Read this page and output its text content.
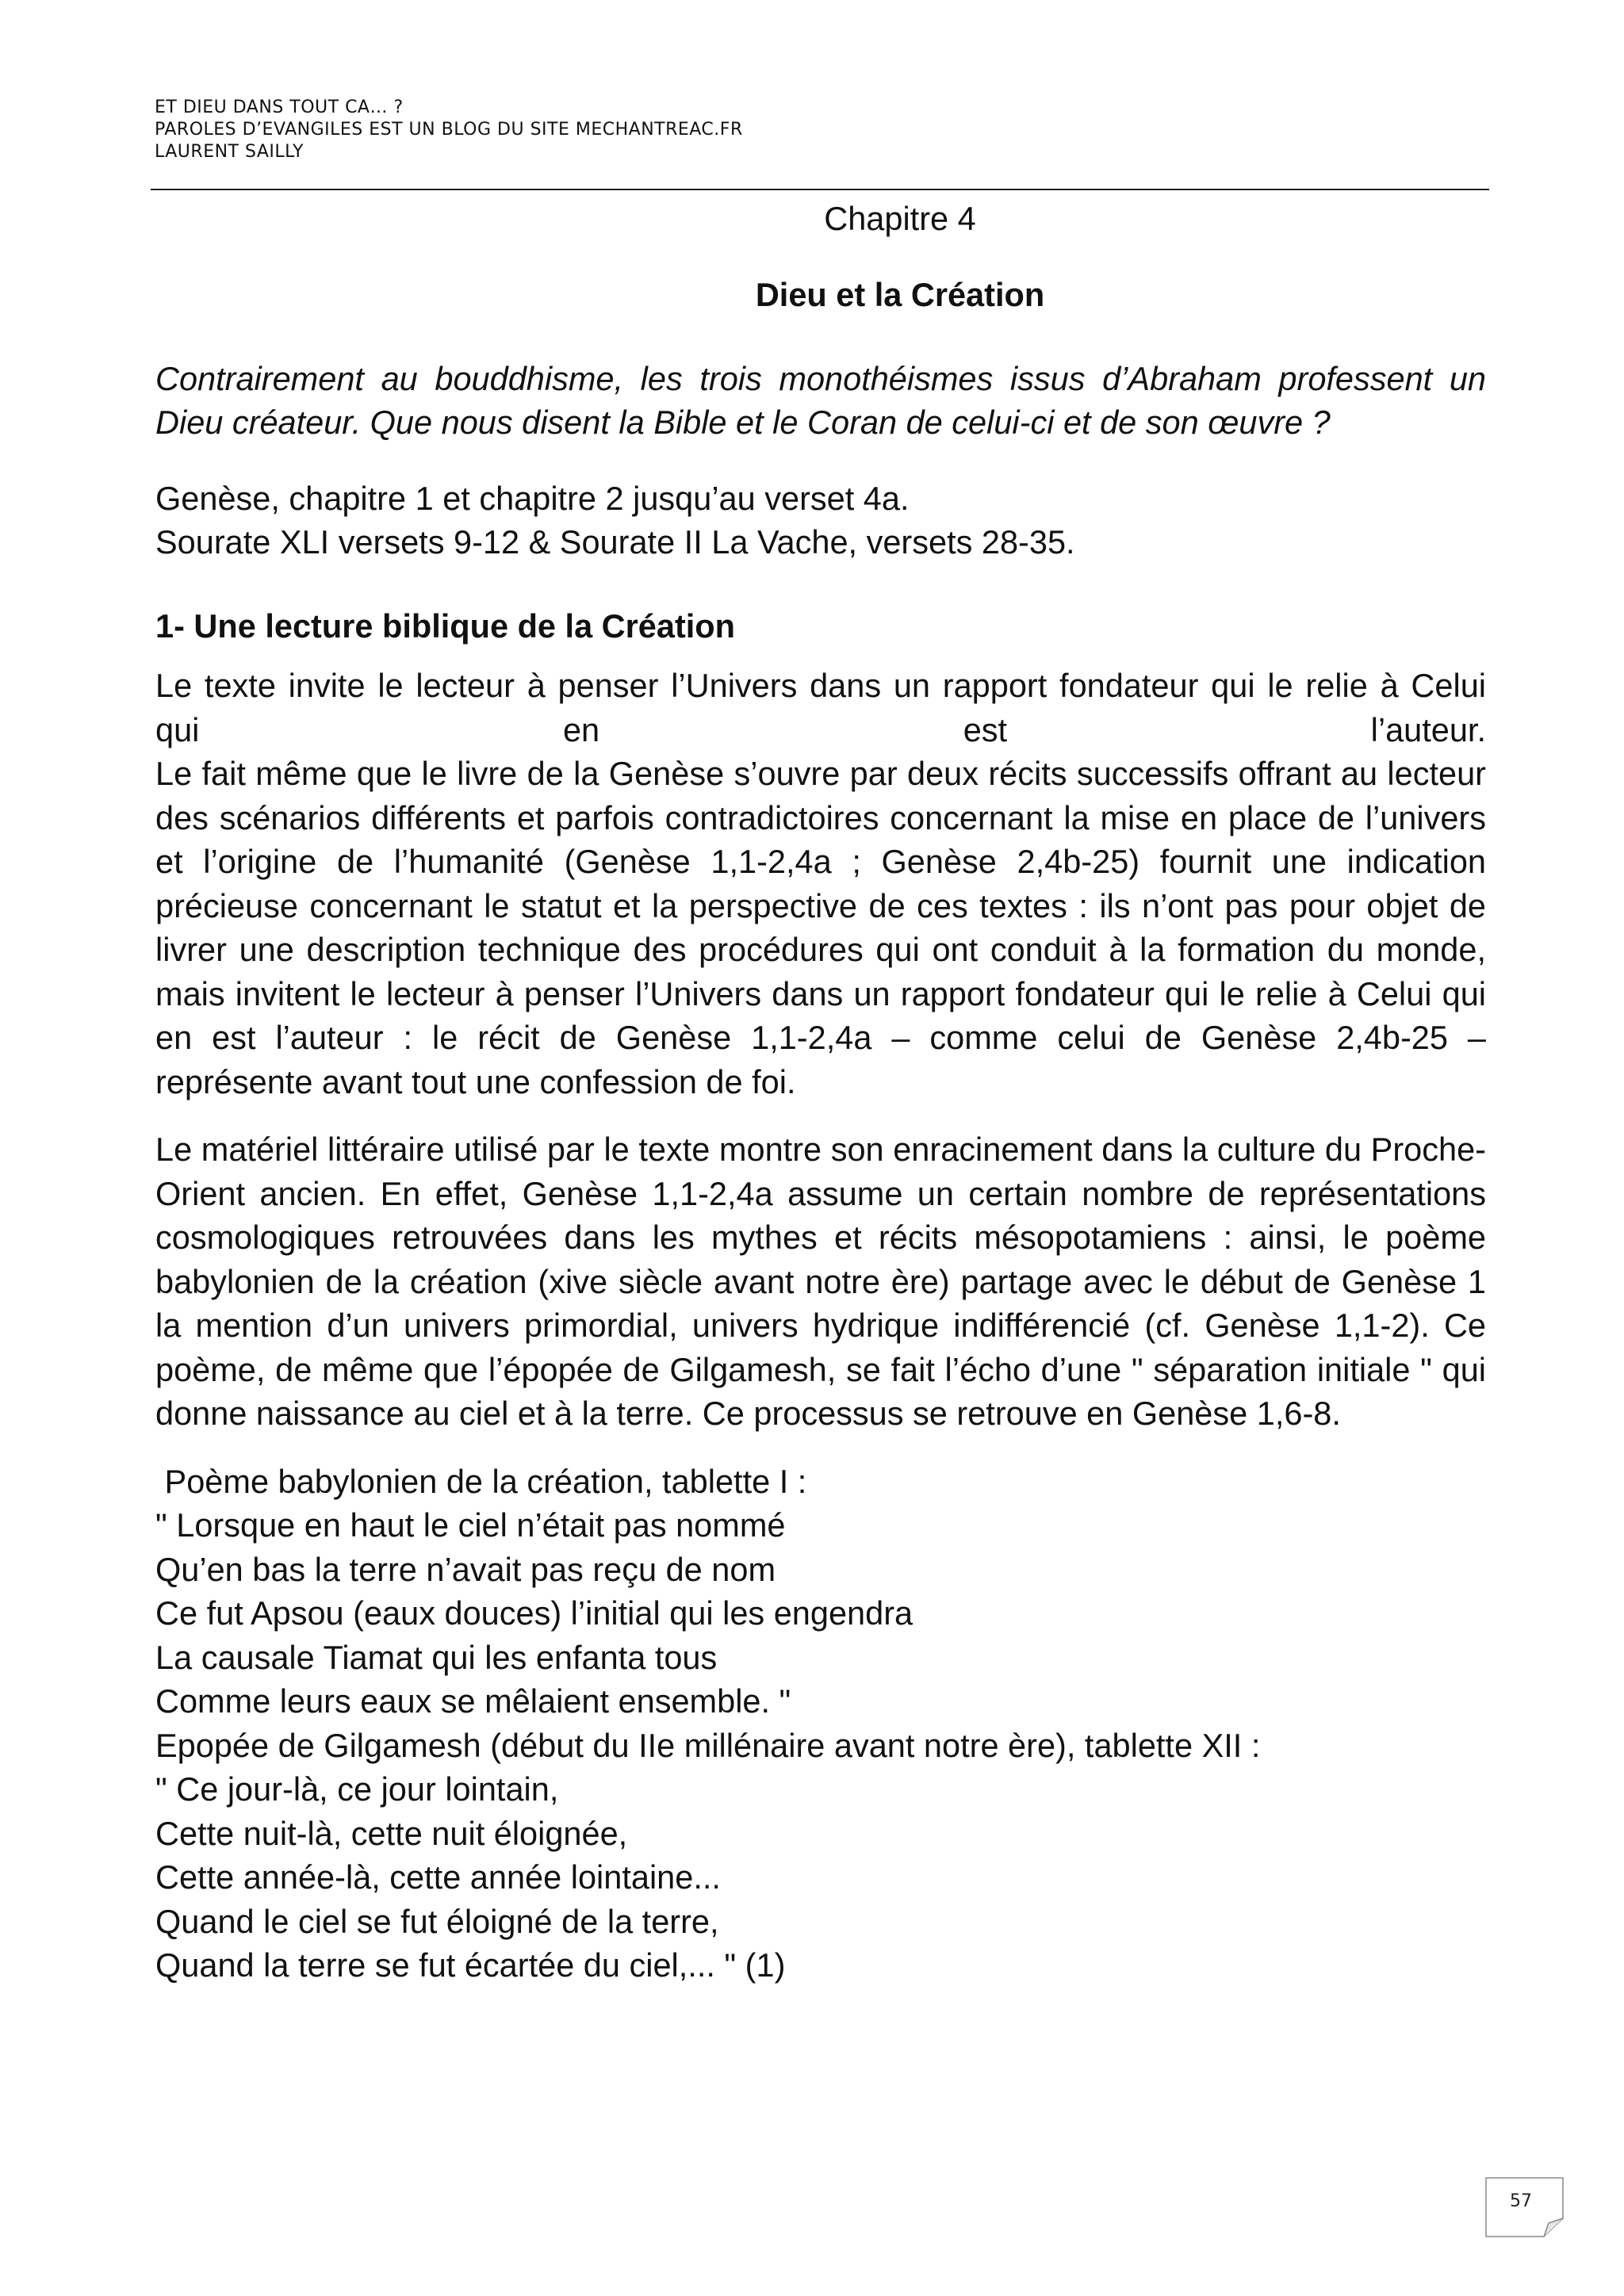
ET DIEU DANS TOUT CA… ?
PAROLES D’EVANGILES EST UN BLOG DU SITE MECHANTREAC.FR
LAURENT SAILLY

Chapitre 4

Dieu et la Création

Contrairement au bouddhisme, les trois monothéismes issus d’Abraham professent un Dieu créateur. Que nous disent la Bible et le Coran de celui-ci et de son œuvre ?

Genèse, chapitre 1 et chapitre 2 jusqu’au verset 4a.
Sourate XLI versets 9-12 & Sourate II La Vache, versets 28-35.

1- Une lecture biblique de la Création

Le texte invite le lecteur à penser l’Univers dans un rapport fondateur qui le relie à Celui
qui	en	est	l’auteur.
Le fait même que le livre de la Genèse s’ouvre par deux récits successifs offrant au lecteur des scénarios différents et parfois contradictoires concernant la mise en place de l’univers et l’origine de l’humanité (Genèse 1,1-2,4a ; Genèse 2,4b-25) fournit une indication précieuse concernant le statut et la perspective de ces textes : ils n’ont pas pour objet de livrer une description technique des procédures qui ont conduit à la formation du monde, mais invitent le lecteur à penser l’Univers dans un rapport fondateur qui le relie à Celui qui en est l’auteur : le récit de Genèse 1,1-2,4a – comme celui de Genèse 2,4b-25 – représente avant tout une confession de foi.

Le matériel littéraire utilisé par le texte montre son enracinement dans la culture du Proche-Orient ancien. En effet, Genèse 1,1-2,4a assume un certain nombre de représentations cosmologiques retrouvées dans les mythes et récits mésopotamiens : ainsi, le poème babylonien de la création (xive siècle avant notre ère) partage avec le début de Genèse 1 la mention d’un univers primordial, univers hydrique indifférencié (cf. Genèse 1,1-2). Ce poème, de même que l’épopée de Gilgamesh, se fait l’écho d’une " séparation initiale " qui donne naissance au ciel et à la terre. Ce processus se retrouve en Genèse 1,6-8.

Poème babylonien de la création, tablette I :
" Lorsque en haut le ciel n’était pas nommé
Qu’en bas la terre n’avait pas reçu de nom
Ce fut Apsou (eaux douces) l’initial qui les engendra
La causale Tiamat qui les enfanta tous
Comme leurs eaux se mêlaient ensemble. "
Epopée de Gilgamesh (début du IIe millénaire avant notre ère), tablette XII :
" Ce jour-là, ce jour lointain,
Cette nuit-là, cette nuit éloignée,
Cette année-là, cette année lointaine...
Quand le ciel se fut éloigné de la terre,
Quand la terre se fut écartée du ciel,... " (1)
57
